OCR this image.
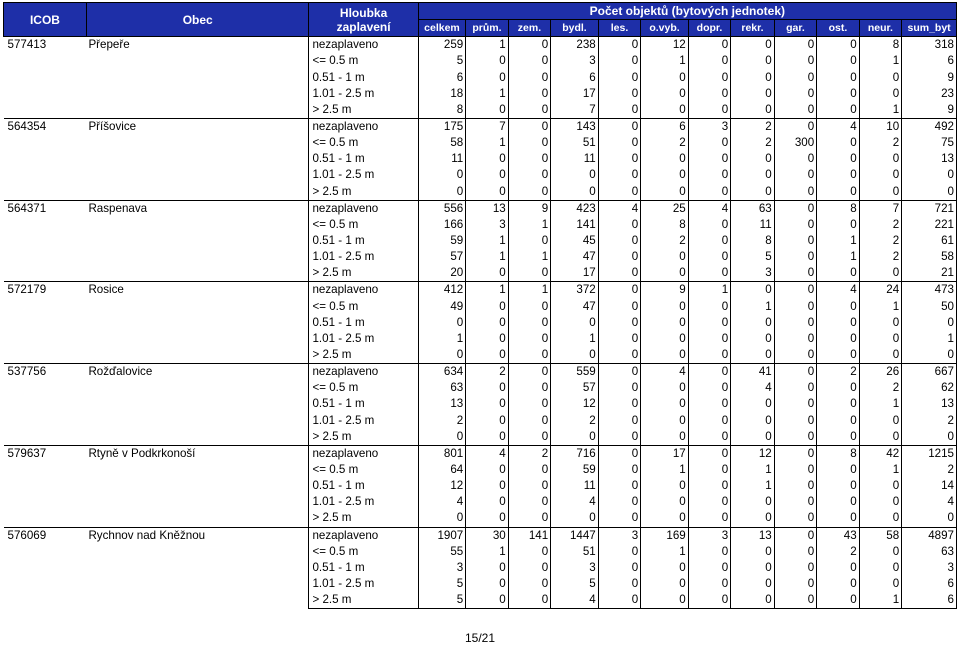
ICOB	Obec	Hloubka
zaplavení	Počet objektů (bytových jednotek)											
			celkem	prům.	zem.	bydl.	les.	o.vyb.	dopr.	rekr.	gar.	ost.	neur.	sum_byt
577413	Přepeře	nezaplaveno	259	1	0	238	0	12	0	0	0	0	8	318
		<= 0.5 m	5	0	0	3	0	1	0	0	0	0	1	6
		0.51 - 1 m	6	0	0	6	0	0	0	0	0	0	0	9
		1.01 - 2.5 m	18	1	0	17	0	0	0	0	0	0	0	23
		> 2.5 m	8	0	0	7	0	0	0	0	0	0	1	9
564354	Příšovice	nezaplaveno	175	7	0	143	0	6	3	2	0	4	10	492
		<= 0.5 m	58	1	0	51	0	2	0	2	300	0	2	75
		0.51 - 1 m	11	0	0	11	0	0	0	0	0	0	0	13
		1.01 - 2.5 m	0	0	0	0	0	0	0	0	0	0	0	0
		> 2.5 m	0	0	0	0	0	0	0	0	0	0	0	0
564371	Raspenava	nezaplaveno	556	13	9	423	4	25	4	63	0	8	7	721
		<= 0.5 m	166	3	1	141	0	8	0	11	0	0	2	221
		0.51 - 1 m	59	1	0	45	0	2	0	8	0	1	2	61
		1.01 - 2.5 m	57	1	1	47	0	0	0	5	0	1	2	58
		> 2.5 m	20	0	0	17	0	0	0	3	0	0	0	21
572179	Rosice	nezaplaveno	412	1	1	372	0	9	1	0	0	4	24	473
		<= 0.5 m	49	0	0	47	0	0	0	1	0	0	1	50
		0.51 - 1 m	0	0	0	0	0	0	0	0	0	0	0	0
		1.01 - 2.5 m	1	0	0	1	0	0	0	0	0	0	0	1
		> 2.5 m	0	0	0	0	0	0	0	0	0	0	0	0
537756	Rožďalovice	nezaplaveno	634	2	0	559	0	4	0	41	0	2	26	667
		<= 0.5 m	63	0	0	57	0	0	0	4	0	0	2	62
		0.51 - 1 m	13	0	0	12	0	0	0	0	0	0	1	13
		1.01 - 2.5 m	2	0	0	2	0	0	0	0	0	0	0	2
		> 2.5 m	0	0	0	0	0	0	0	0	0	0	0	0
579637	Rtyně v Podkrkonoší	nezaplaveno	801	4	2	716	0	17	0	12	0	8	42	1215
		<= 0.5 m	64	0	0	59	0	1	0	1	0	0	1	2
		0.51 - 1 m	12	0	0	11	0	0	0	1	0	0	0	14
		1.01 - 2.5 m	4	0	0	4	0	0	0	0	0	0	0	4
		> 2.5 m	0	0	0	0	0	0	0	0	0	0	0	0
576069	Rychnov nad Kněžnou	nezaplaveno	1907	30	141	1447	3	169	3	13	0	43	58	4897
		<= 0.5 m	55	1	0	51	0	1	0	0	0	2	0	63
		0.51 - 1 m	3	0	0	3	0	0	0	0	0	0	0	3
		1.01 - 2.5 m	5	0	0	5	0	0	0	0	0	0	0	6
		> 2.5 m	5	0	0	4	0	0	0	0	0	0	1	6
15/21
